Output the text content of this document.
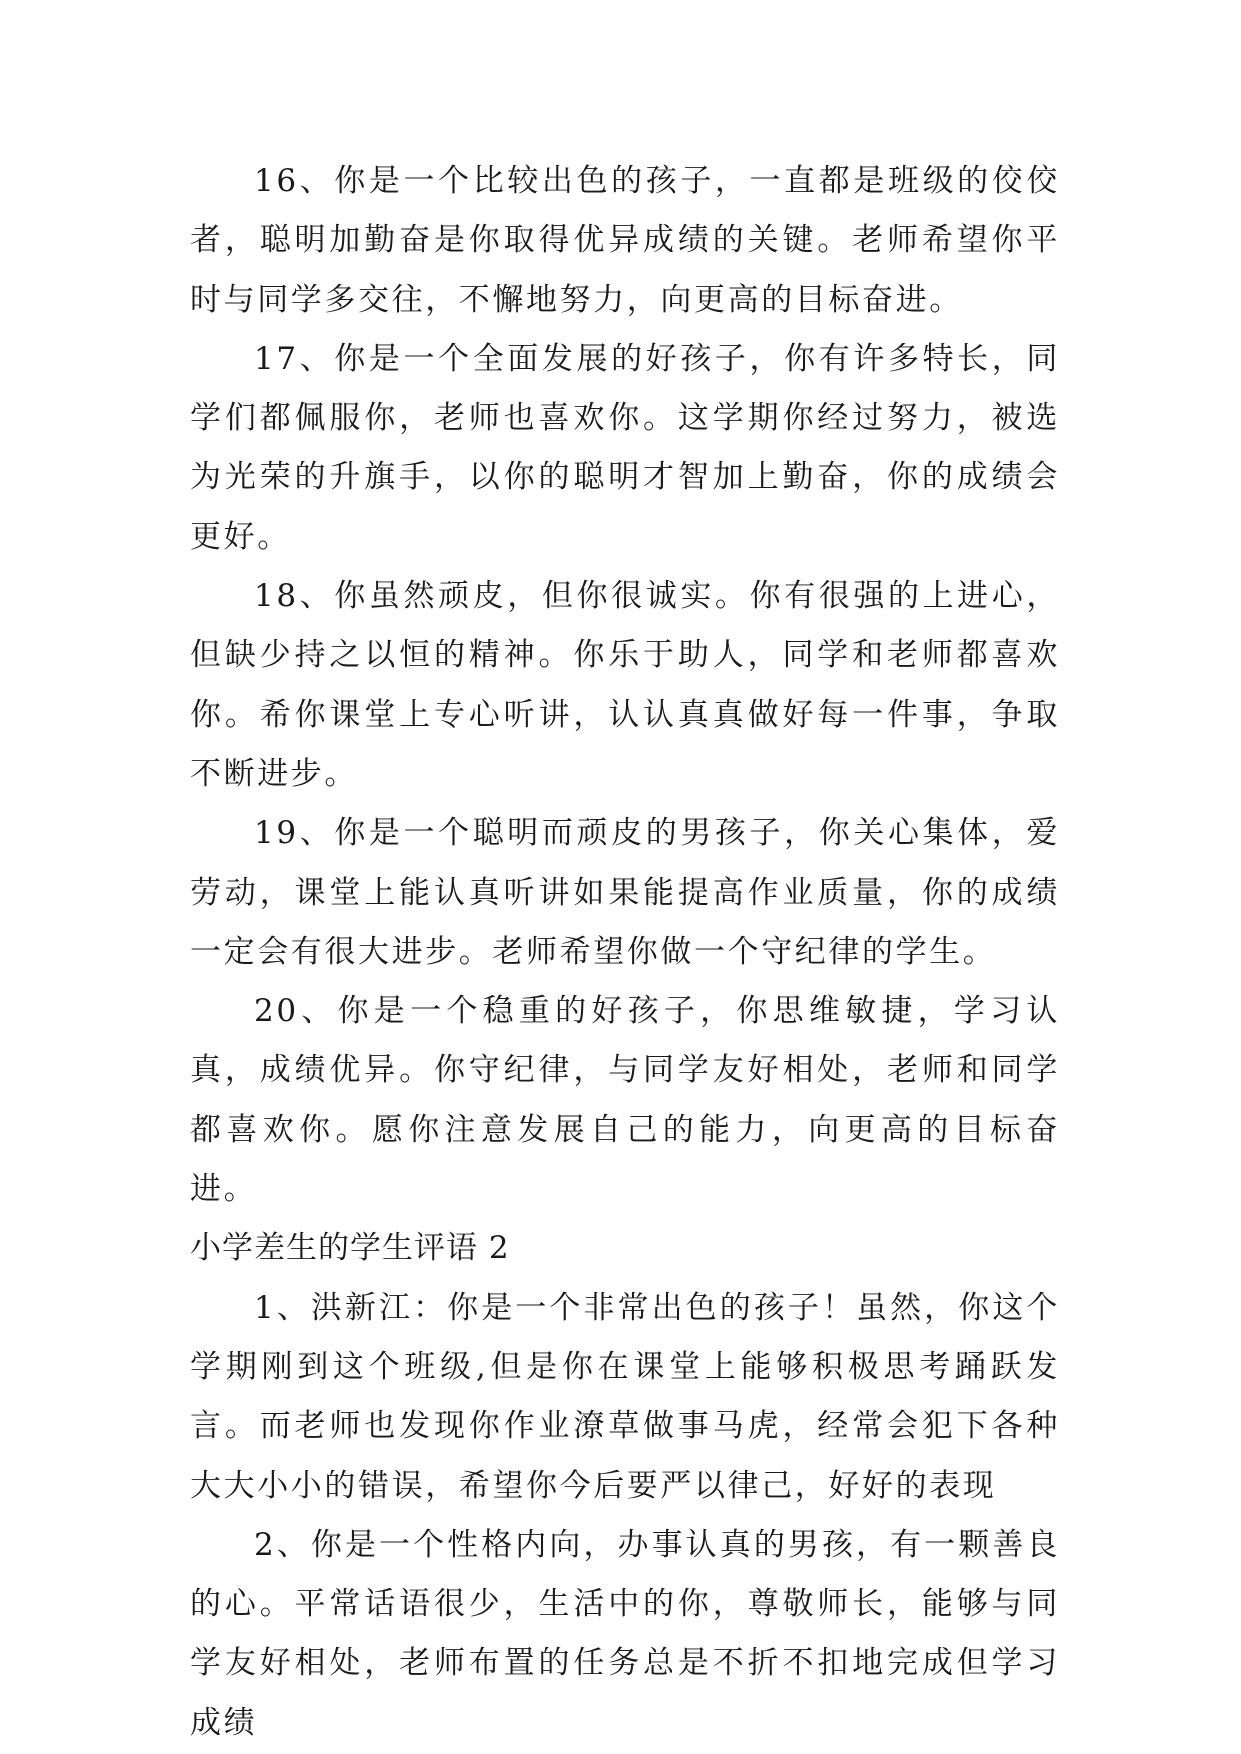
16、你是一个比较出色的孩子，一直都是班级的佼佼者，聪明加勤奋是你取得优异成绩的关键。老师希望你平时与同学多交往，不懈地努力，向更高的目标奋进。

17、你是一个全面发展的好孩子，你有许多特长，同学们都佩服你，老师也喜欢你。这学期你经过努力，被选为光荣的升旗手，以你的聪明才智加上勤奋，你的成绩会更好。

18、你虽然顽皮，但你很诚实。你有很强的上进心，但缺少持之以恒的精神。你乐于助人，同学和老师都喜欢你。希你课堂上专心听讲，认认真真做好每一件事，争取不断进步。

19、你是一个聪明而顽皮的男孩子，你关心集体，爱劳动，课堂上能认真听讲如果能提高作业质量，你的成绩一定会有很大进步。老师希望你做一个守纪律的学生。

20、你是一个稳重的好孩子，你思维敏捷，学习认真，成绩优异。你守纪律，与同学友好相处，老师和同学都喜欢你。愿你注意发展自己的能力，向更高的目标奋进。

小学差生的学生评语 2

1、洪新江：你是一个非常出色的孩子！虽然，你这个学期刚到这个班级,但是你在课堂上能够积极思考踊跃发言。而老师也发现你作业潦草做事马虎，经常会犯下各种大大小小的错误，希望你今后要严以律己，好好的表现

2、你是一个性格内向，办事认真的男孩，有一颗善良的心。平常话语很少，生活中的你，尊敬师长，能够与同学友好相处，老师布置的任务总是不折不扣地完成但学习成绩
